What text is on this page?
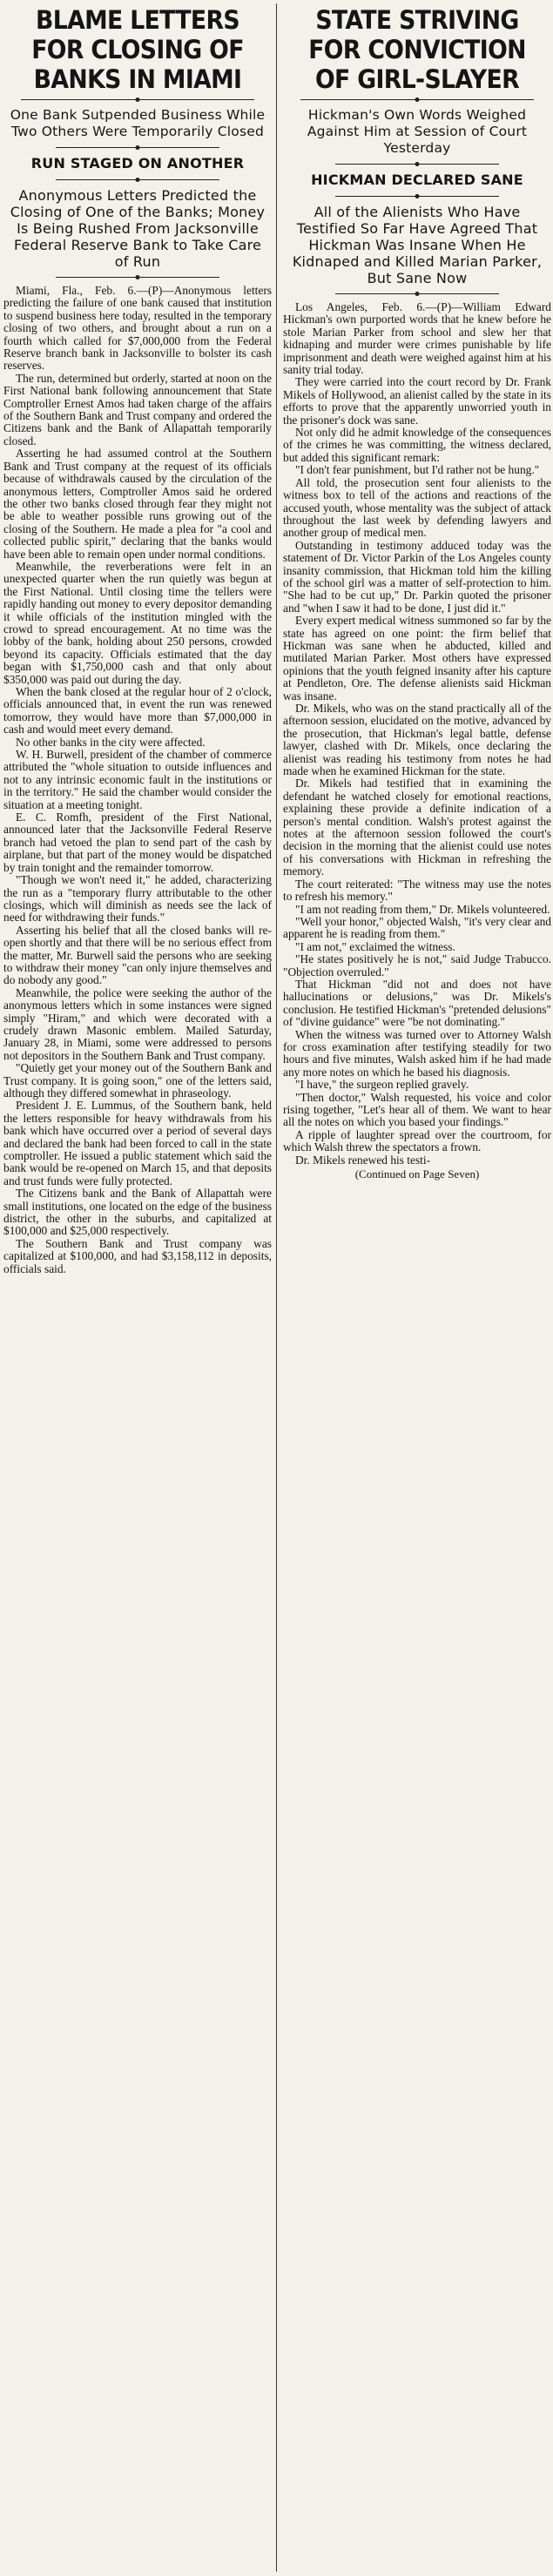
BLAME LETTERS
FOR CLOSING OF
BANKS IN MIAMI
One Bank Sutpended Business While Two Others Were Temporarily Closed
RUN STAGED ON ANOTHER
Anonymous Letters Predicted the Closing of One of the Banks; Money Is Being Rushed From Jacksonville Federal Reserve Bank to Take Care of Run

Miami, Fla., Feb. 6.—(P)—Anonymous letters predicting the failure of one bank caused that institution to suspend business here today, resulted in the temporary closing of two others, and brought about a run on a fourth which called for $7,000,000 from the Federal Reserve branch bank in Jacksonville to bolster its cash reserves.

The run, determined but orderly, started at noon on the First National bank following announcement that State Comptroller Ernest Amos had taken charge of the affairs of the Southern Bank and Trust company and ordered the Citizens bank and the Bank of Allapattah temporarily closed.

Asserting he had assumed control at the Southern Bank and Trust company at the request of its officials because of withdrawals caused by the circulation of the anonymous letters, Comptroller Amos said he ordered the other two banks closed through fear they might not be able to weather possible runs growing out of the closing of the Southern. He made a plea for "a cool and collected public spirit," declaring that the banks would have been able to remain open under normal conditions.

Meanwhile, the reverberations were felt in an unexpected quarter when the run quietly was begun at the First National. Until closing time the tellers were rapidly handing out money to every depositor demanding it while officials of the institution mingled with the crowd to spread encouragement. At no time was the lobby of the bank, holding about 250 persons, crowded beyond its capacity. Officials estimated that the day began with $1,750,000 cash and that only about $350,000 was paid out during the day.

When the bank closed at the regular hour of 2 o'clock, officials announced that, in event the run was renewed tomorrow, they would have more than $7,000,000 in cash and would meet every demand.

No other banks in the city were affected.

W. H. Burwell, president of the chamber of commerce attributed the "whole situation to outside influences and not to any intrinsic economic fault in the institutions or in the territory." He said the chamber would consider the situation at a meeting tonight.

E. C. Romfh, president of the First National, announced later that the Jacksonville Federal Reserve branch had vetoed the plan to send part of the cash by airplane, but that part of the money would be dispatched by train tonight and the remainder tomorrow.

"Though we won't need it," he added, characterizing the run as a "temporary flurry attributable to the other closings, which will diminish as needs see the lack of need for withdrawing their funds."

Asserting his belief that all the closed banks will re-open shortly and that there will be no serious effect from the matter, Mr. Burwell said the persons who are seeking to withdraw their money "can only injure themselves and do nobody any good."

Meanwhile, the police were seeking the author of the anonymous letters which in some instances were signed simply "Hiram," and which were decorated with a crudely drawn Masonic emblem. Mailed Saturday, January 28, in Miami, some were addressed to persons not depositors in the Southern Bank and Trust company.

"Quietly get your money out of the Southern Bank and Trust company. It is going soon," one of the letters said, although they differed somewhat in phraseology.

President J. E. Lummus, of the Southern bank, held the letters responsible for heavy withdrawals from his bank which have occurred over a period of several days and declared the bank had been forced to call in the state comptroller. He issued a public statement which said the bank would be re-opened on March 15, and that deposits and trust funds were fully protected.

The Citizens bank and the Bank of Allapattah were small institutions, one located on the edge of the business district, the other in the suburbs, and capitalized at $100,000 and $25,000 respectively.

The Southern Bank and Trust company was capitalized at $100,000, and had $3,158,112 in deposits, officials said.

STATE STRIVING
FOR CONVICTION
OF GIRL-SLAYER
Hickman's Own Words Weighed Against Him at Session of Court Yesterday
HICKMAN DECLARED SANE
All of the Alienists Who Have Testified So Far Have Agreed That Hickman Was Insane When He Kidnaped and Killed Marian Parker, But Sane Now

Los Angeles, Feb. 6.—(P)—William Edward Hickman's own purported words that he knew before he stole Marian Parker from school and slew her that kidnaping and murder were crimes punishable by life imprisonment and death were weighed against him at his sanity trial today.

They were carried into the court record by Dr. Frank Mikels of Hollywood, an alienist called by the state in its efforts to prove that the apparently unworried youth in the prisoner's dock was sane.

Not only did he admit knowledge of the consequences of the crimes he was committing, the witness declared, but added this significant remark:

"I don't fear punishment, but I'd rather not be hung."

All told, the prosecution sent four alienists to the witness box to tell of the actions and reactions of the accused youth, whose mentality was the subject of attack throughout the last week by defending lawyers and another group of medical men.

Outstanding in testimony adduced today was the statement of Dr. Victor Parkin of the Los Angeles county insanity commission, that Hickman told him the killing of the school girl was a matter of self-protection to him. "She had to be cut up," Dr. Parkin quoted the prisoner and "when I saw it had to be done, I just did it."

Every expert medical witness summoned so far by the state has agreed on one point: the firm belief that Hickman was sane when he abducted, killed and mutilated Marian Parker. Most others have expressed opinions that the youth feigned insanity after his capture at Pendleton, Ore. The defense alienists said Hickman was insane.

Dr. Mikels, who was on the stand practically all of the afternoon session, elucidated on the motive, advanced by the prosecution, that Hickman's legal battle, defense lawyer, clashed with Dr. Mikels, once declaring the alienist was reading his testimony from notes he had made when he examined Hickman for the state.

Dr. Mikels had testified that in examining the defendant he watched closely for emotional reactions, explaining these provide a definite indication of a person's mental condition. Walsh's protest against the notes at the afternoon session followed the court's decision in the morning that the alienist could use notes of his conversations with Hickman in refreshing the memory.

The court reiterated: "The witness may use the notes to refresh his memory."

"I am not reading from them," Dr. Mikels volunteered.

"Well your honor," objected Walsh, "it's very clear and apparent he is reading from them."

"I am not," exclaimed the witness.

"He states positively he is not," said Judge Trabucco. "Objection overruled."

That Hickman "did not and does not have hallucinations or delusions," was Dr. Mikels's conclusion. He testified Hickman's "pretended delusions" of "divine guidance" were "be not dominating."

When the witness was turned over to Attorney Walsh for cross examination after testifying steadily for two hours and five minutes, Walsh asked him if he had made any more notes on which he based his diagnosis.

"I have," the surgeon replied gravely.

"Then doctor," Walsh requested, his voice and color rising together, "Let's hear all of them. We want to hear all the notes on which you based your findings."

A ripple of laughter spread over the courtroom, for which Walsh threw the spectators a frown.

Dr. Mikels renewed his testi-

(Continued on Page Seven)
